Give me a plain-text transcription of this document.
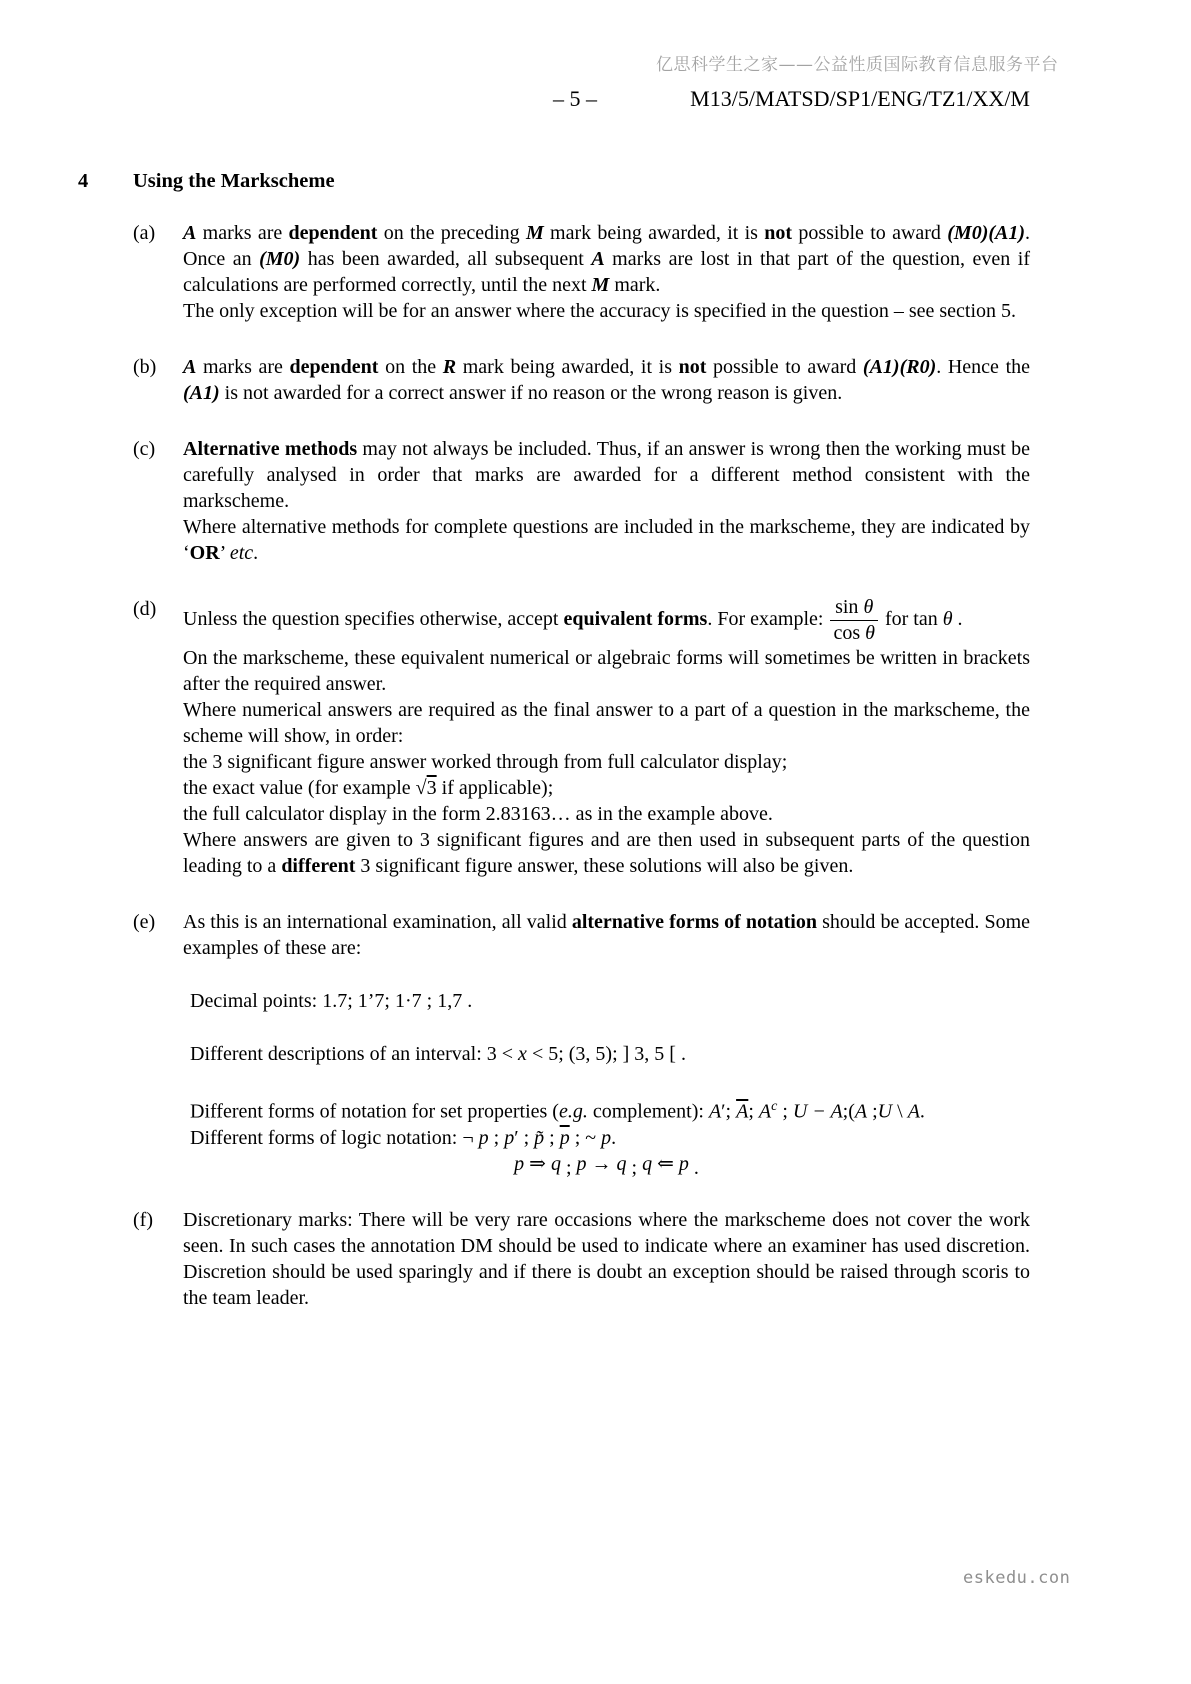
亿思科学生之家——公益性质国际教育信息服务平台
– 5 –	M13/5/MATSD/SP1/ENG/TZ1/XX/M
4	Using the Markscheme
(a)	A marks are dependent on the preceding M mark being awarded, it is not possible to award (M0)(A1). Once an (M0) has been awarded, all subsequent A marks are lost in that part of the question, even if calculations are performed correctly, until the next M mark.
The only exception will be for an answer where the accuracy is specified in the question – see section 5.
(b)	A marks are dependent on the R mark being awarded, it is not possible to award (A1)(R0). Hence the (A1) is not awarded for a correct answer if no reason or the wrong reason is given.
(c)	Alternative methods may not always be included. Thus, if an answer is wrong then the working must be carefully analysed in order that marks are awarded for a different method consistent with the markscheme.
Where alternative methods for complete questions are included in the markscheme, they are indicated by ‘OR’ etc.
(d)	Unless the question specifies otherwise, accept equivalent forms. For example: $\frac{\text{sin θ}}{\text{cos θ}}$ for tan θ .
On the markscheme, these equivalent numerical or algebraic forms will sometimes be written in brackets after the required answer.
Where numerical answers are required as the final answer to a part of a question in the markscheme, the scheme will show, in order:
the 3 significant figure answer worked through from full calculator display;
the exact value (for example √3 if applicable);
the full calculator display in the form 2.83163… as in the example above.
Where answers are given to 3 significant figures and are then used in subsequent parts of the question leading to a different 3 significant figure answer, these solutions will also be given.
(e)	As this is an international examination, all valid alternative forms of notation should be accepted. Some examples of these are:
Decimal points: 1.7; 1’7; 1·7 ; 1,7 .
Different descriptions of an interval: 3 < x < 5; (3, 5); ] 3, 5 [ .
Different forms of notation for set properties (e.g. complement): A′; $\overline{A}$; $A^c$ ; U − A;(A ;U \ A.
Different forms of logic notation: ¬ p ; p′ ; p̃ ; $\overline{p}$ ; ~ p.
p ⇒ q ; p → q ; q ⇐ p .
(f)	Discretionary marks: There will be very rare occasions where the markscheme does not cover the work seen. In such cases the annotation DM should be used to indicate where an examiner has used discretion. Discretion should be used sparingly and if there is doubt an exception should be raised through scoris to the team leader.
eskedu.con
